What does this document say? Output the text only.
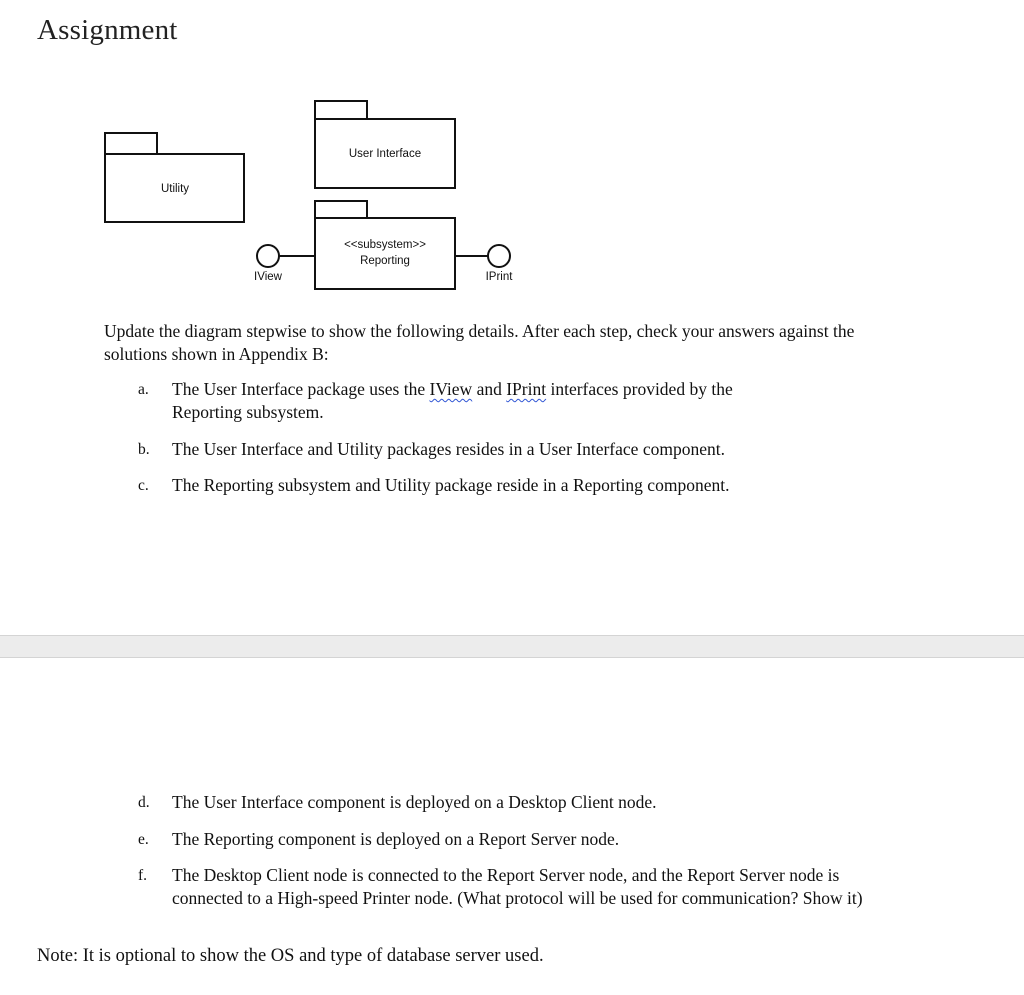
Assignment
Utility
User Interface
<<subsystem>>
Reporting
IView	IPrint
Update the diagram stepwise to show the following details. After each step, check your answers against the solutions shown in Appendix B:
a. The User Interface package uses the IView and IPrint interfaces provided by the Reporting subsystem.
b. The User Interface and Utility packages resides in a User Interface component.
c. The Reporting subsystem and Utility package reside in a Reporting component.
d. The User Interface component is deployed on a Desktop Client node.
e. The Reporting component is deployed on a Report Server node.
f. The Desktop Client node is connected to the Report Server node, and the Report Server node is connected to a High-speed Printer node. (What protocol will be used for communication? Show it)
Note: It is optional to show the OS and type of database server used.
